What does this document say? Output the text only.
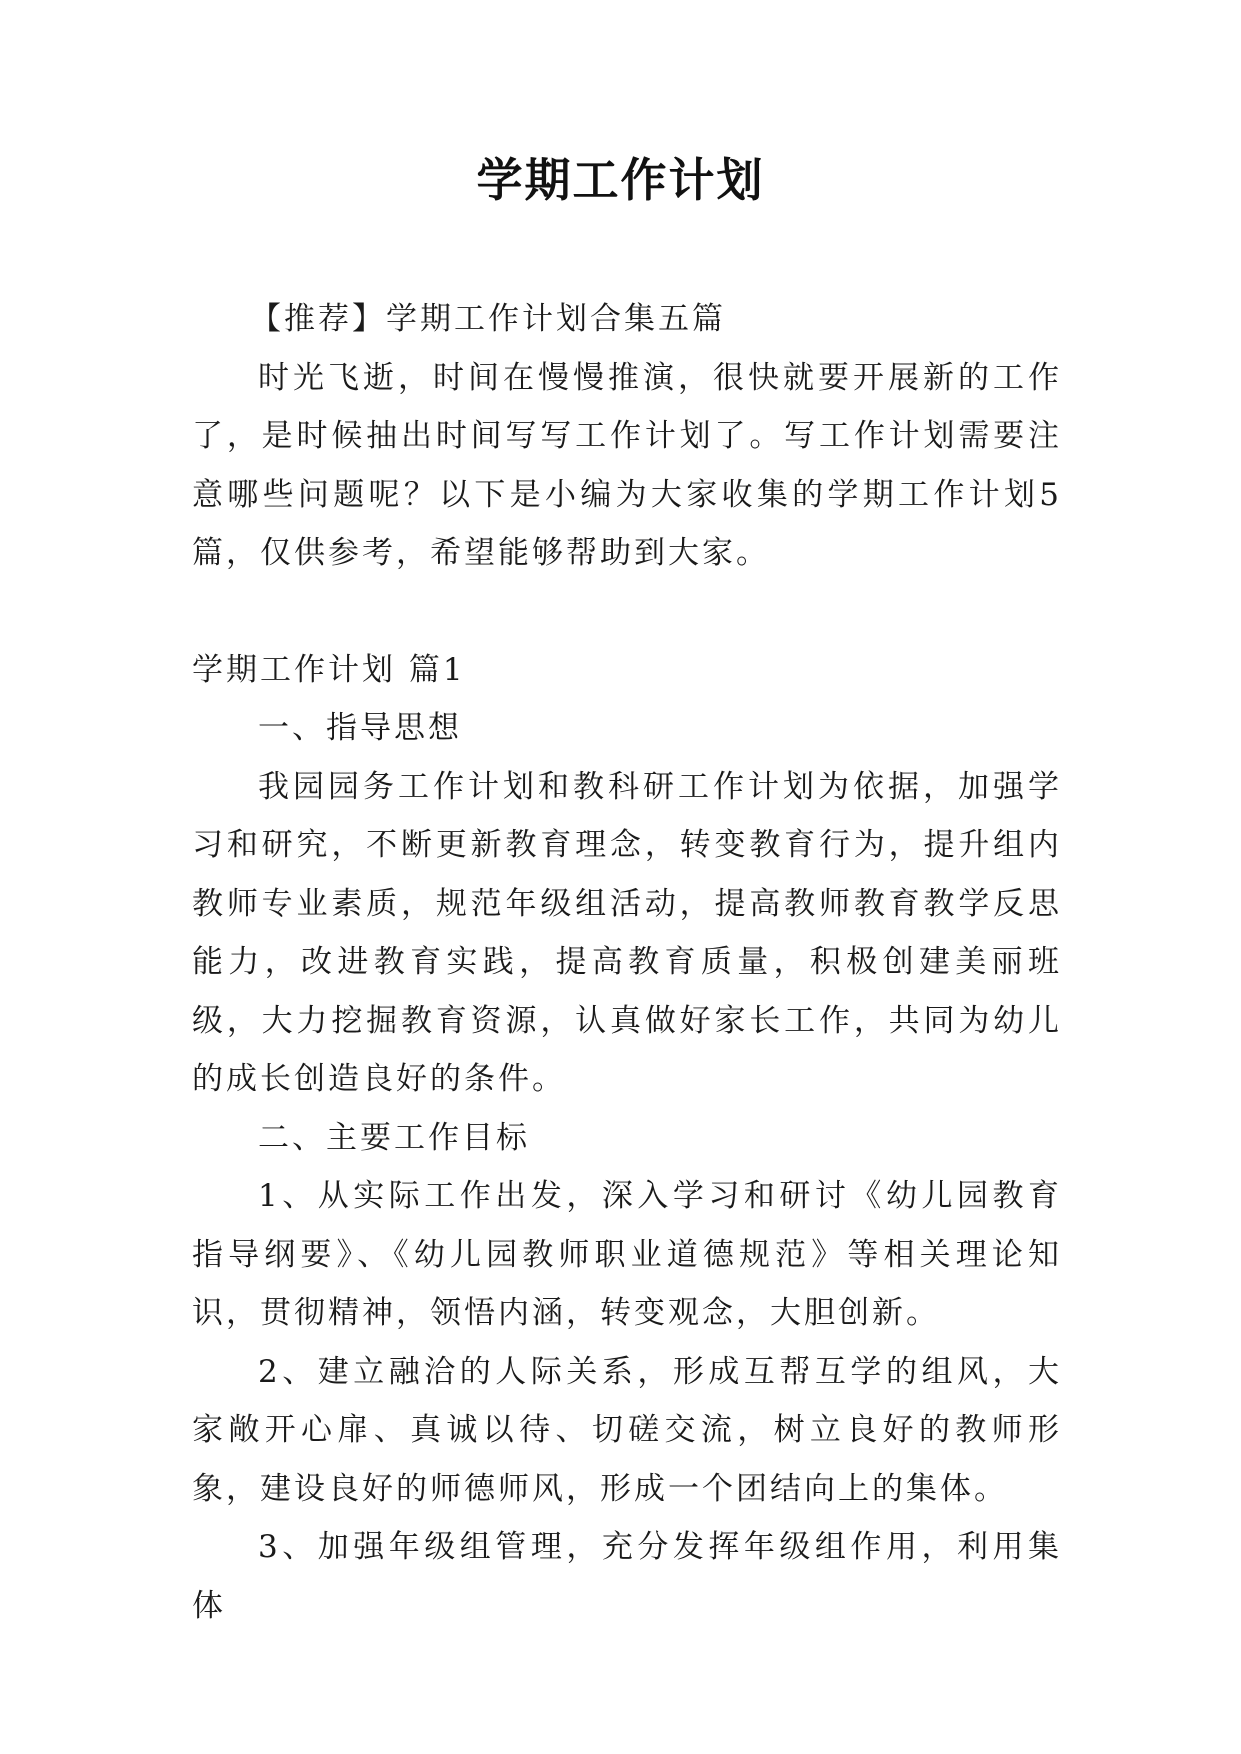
学期工作计划

【推荐】学期工作计划合集五篇

时光飞逝，时间在慢慢推演，很快就要开展新的工作了，是时候抽出时间写写工作计划了。写工作计划需要注意哪些问题呢？以下是小编为大家收集的学期工作计划5篇，仅供参考，希望能够帮助到大家。

学期工作计划 篇1

一、指导思想

我园园务工作计划和教科研工作计划为依据，加强学习和研究，不断更新教育理念，转变教育行为，提升组内教师专业素质，规范年级组活动，提高教师教育教学反思能力，改进教育实践，提高教育质量，积极创建美丽班级，大力挖掘教育资源，认真做好家长工作，共同为幼儿的成长创造良好的条件。

二、主要工作目标

1、从实际工作出发，深入学习和研讨《幼儿园教育指导纲要》、《幼儿园教师职业道德规范》等相关理论知识，贯彻精神，领悟内涵，转变观念，大胆创新。

2、建立融洽的人际关系，形成互帮互学的组风，大家敞开心扉、真诚以待、切磋交流，树立良好的教师形象，建设良好的师德师风，形成一个团结向上的集体。

3、加强年级组管理，充分发挥年级组作用，利用集体
